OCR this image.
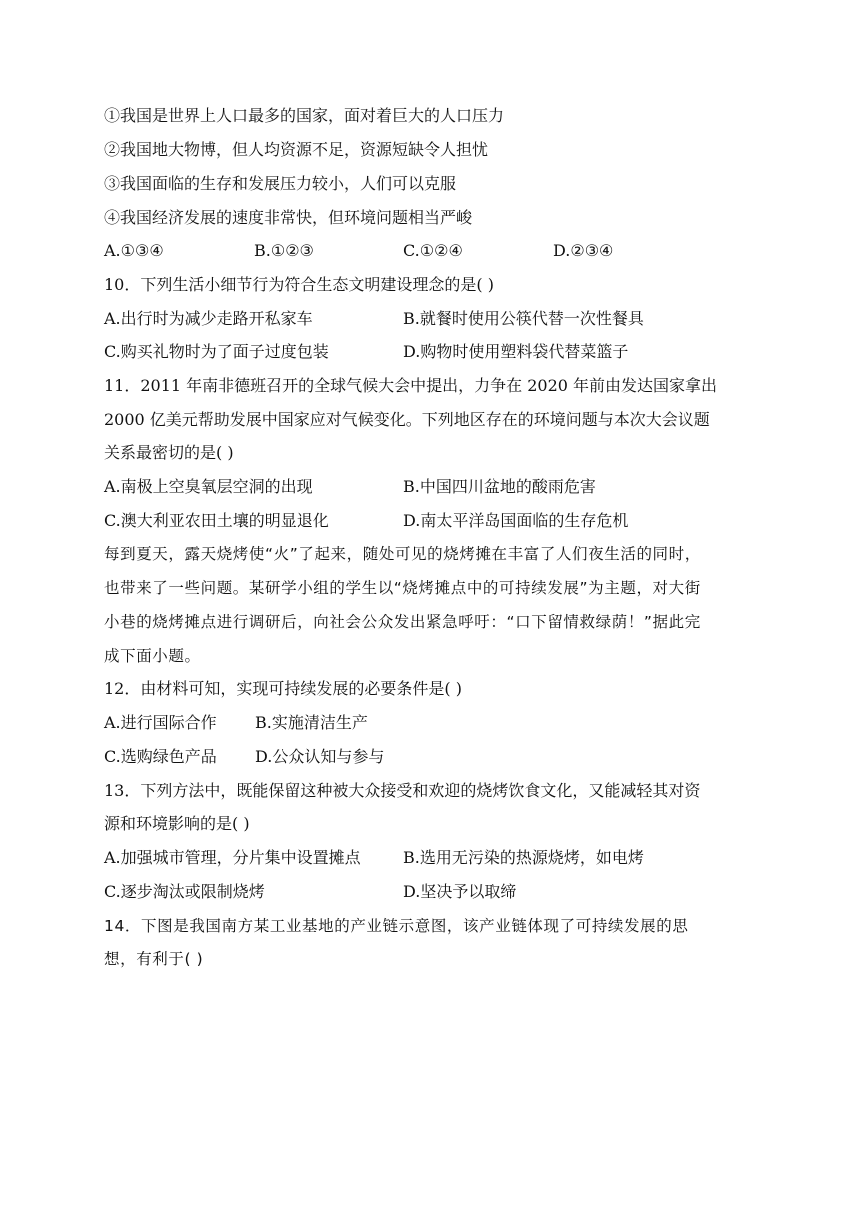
①我国是世界上人口最多的国家，面对着巨大的人口压力
②我国地大物博，但人均资源不足，资源短缺令人担忧
③我国面临的生存和发展压力较小，人们可以克服
④我国经济发展的速度非常快，但环境问题相当严峻
A.①③④	B.①②③	C.①②④	D.②③④
10．下列生活小细节行为符合生态文明建设理念的是( )
A.出行时为减少走路开私家车	B.就餐时使用公筷代替一次性餐具
C.购买礼物时为了面子过度包装	D.购物时使用塑料袋代替菜篮子
11．2011 年南非德班召开的全球气候大会中提出，力争在 2020 年前由发达国家拿出
2000 亿美元帮助发展中国家应对气候变化。下列地区存在的环境问题与本次大会议题
关系最密切的是( )
A.南极上空臭氧层空洞的出现	B.中国四川盆地的酸雨危害
C.澳大利亚农田土壤的明显退化	D.南太平洋岛国面临的生存危机
每到夏天，露天烧烤使“火”了起来，随处可见的烧烤摊在丰富了人们夜生活的同时，
也带来了一些问题。某研学小组的学生以“烧烤摊点中的可持续发展”为主题，对大街
小巷的烧烤摊点进行调研后，向社会公众发出紧急呼吁：“口下留情救绿荫！”据此完
成下面小题。
12．由材料可知，实现可持续发展的必要条件是( )
A.进行国际合作 B.实施清洁生产
C.选购绿色产品 D.公众认知与参与
13．下列方法中，既能保留这种被大众接受和欢迎的烧烤饮食文化，又能减轻其对资
源和环境影响的是( )
A.加强城市管理，分片集中设置摊点	B.选用无污染的热源烧烤，如电烤
C.逐步淘汰或限制烧烤	D.坚决予以取缔
14．下图是我国南方某工业基地的产业链示意图，该产业链体现了可持续发展的思
想，有利于( )
